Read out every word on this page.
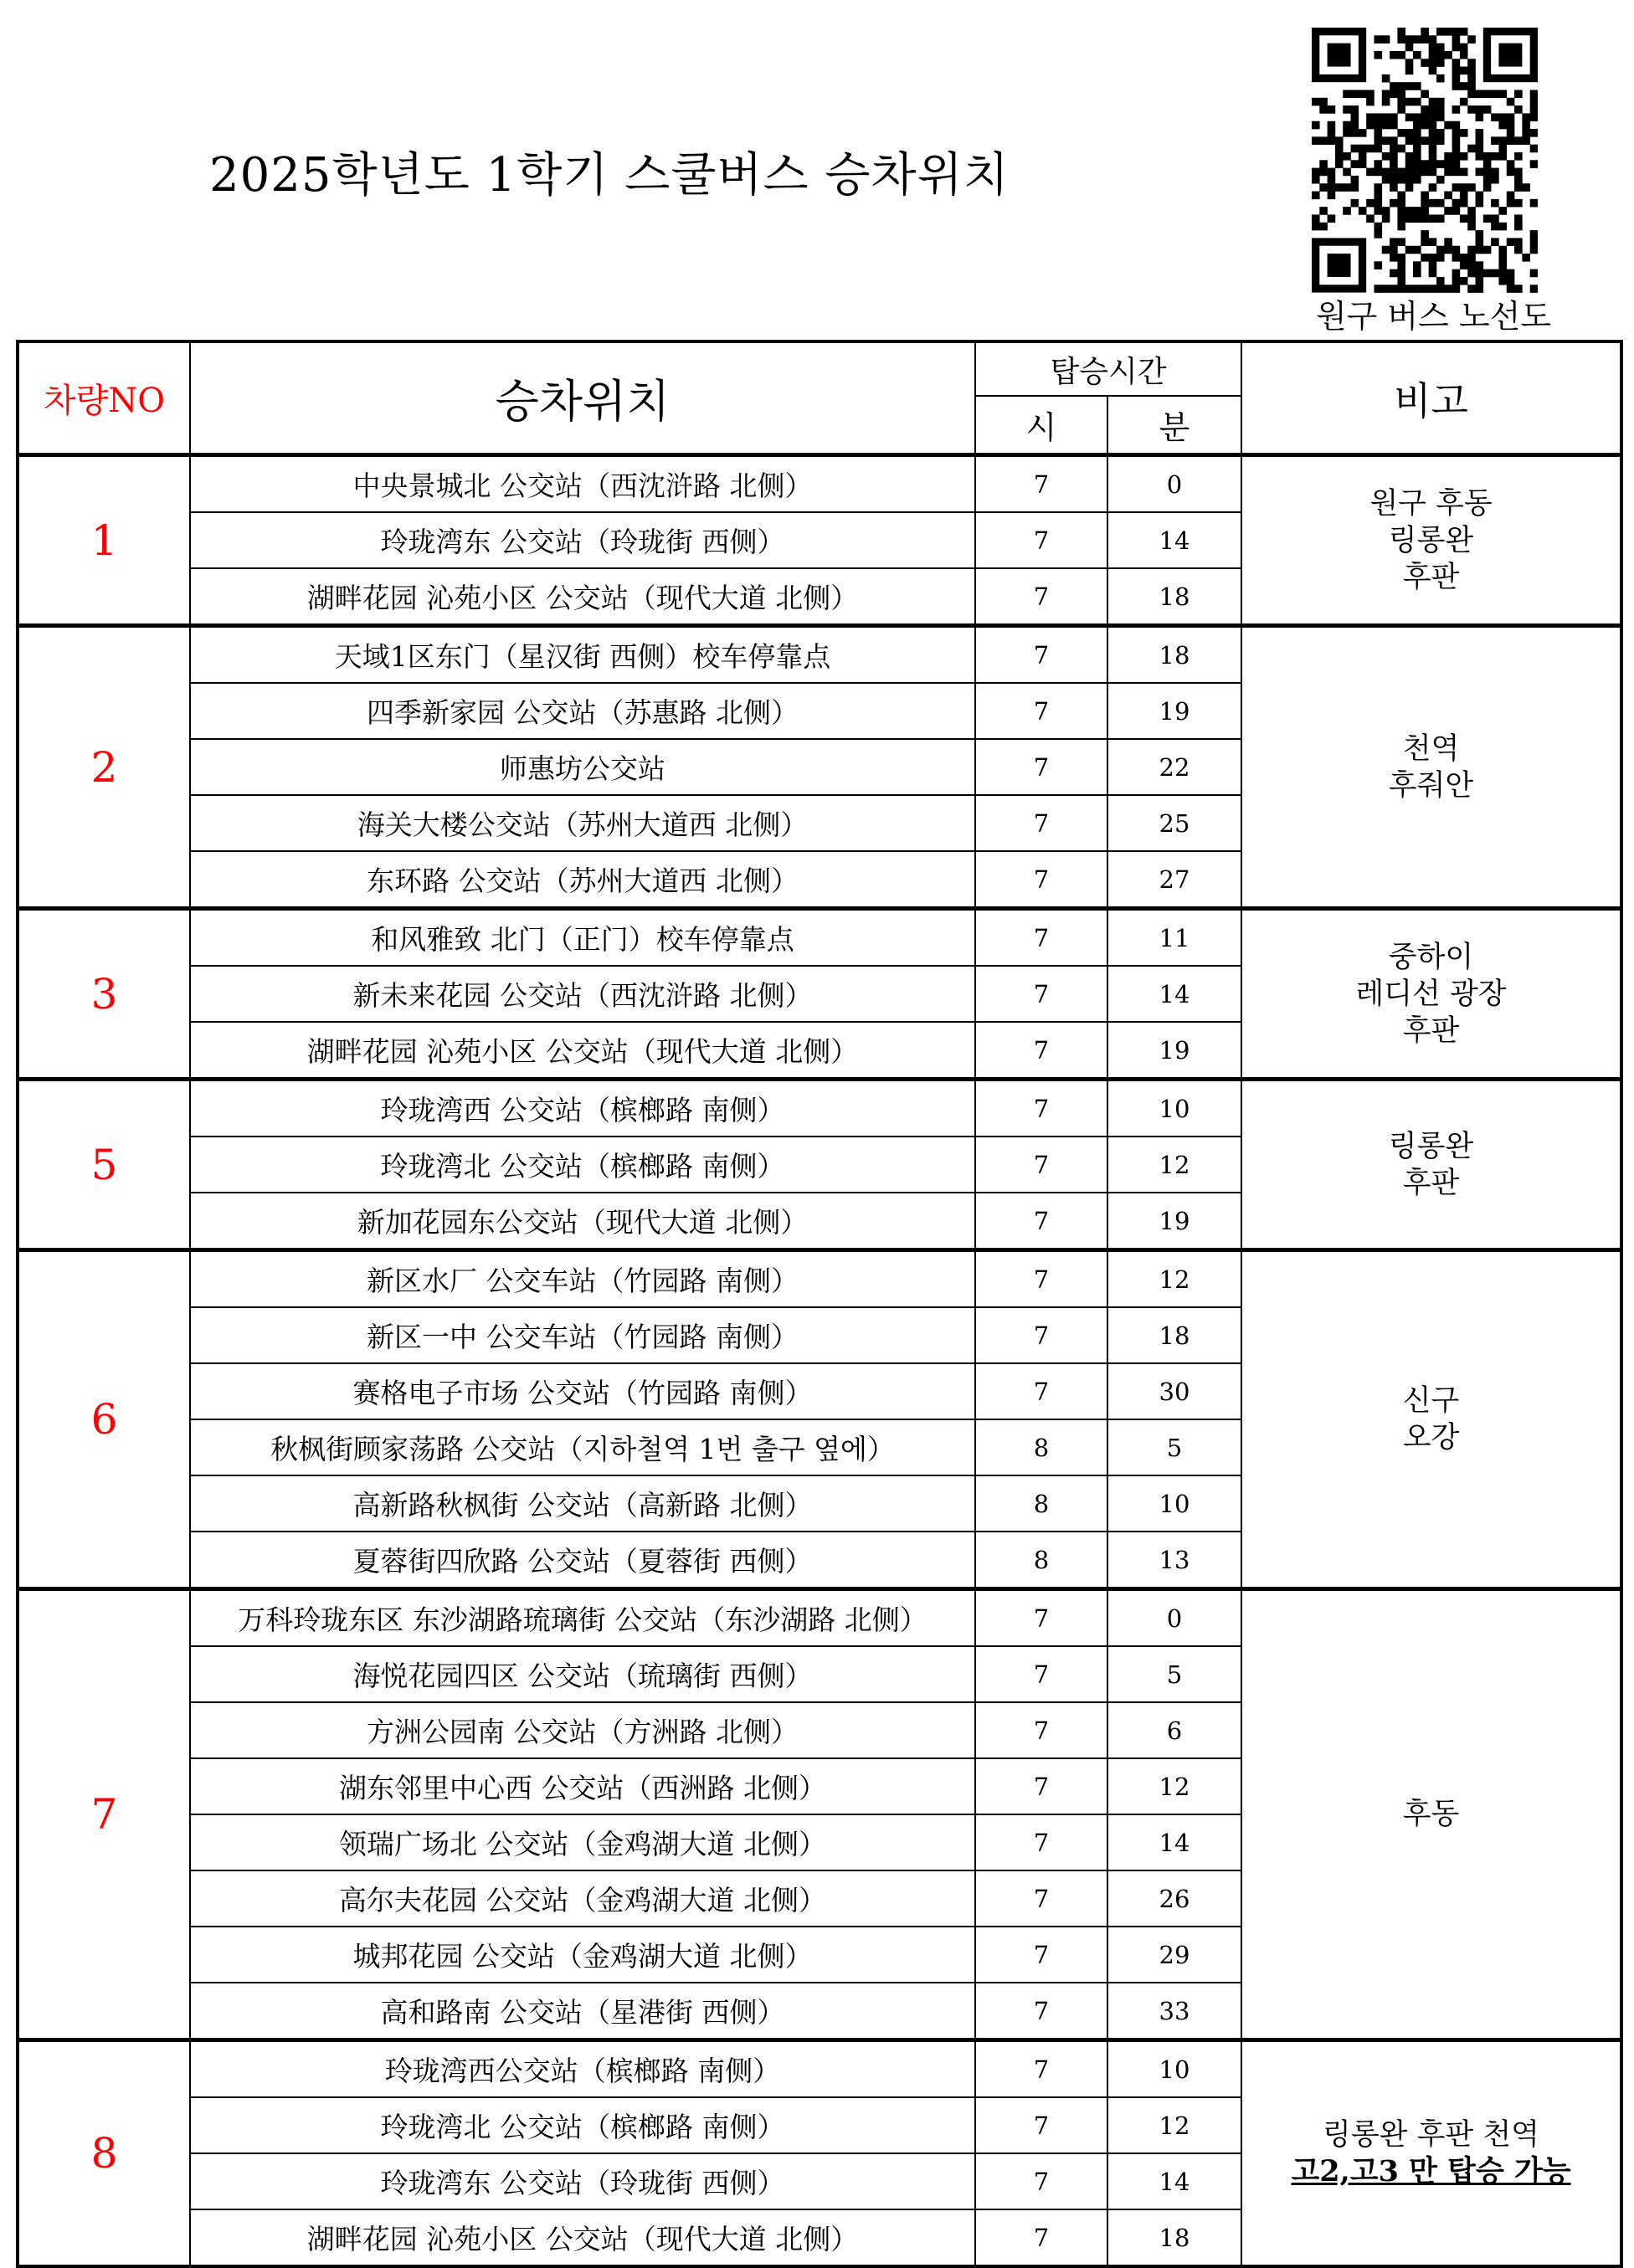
2025학년도 1학기 스쿨버스 승차위치
원구 버스 노선도
차량NO	승차위치	탑승시간		비고
		시	분	
1	中央景城北 公交站（西沈浒路 北侧）	7	0	원구 후동
링롱완
후판

	玲珑湾东 公交站（玲珑街 西侧）	7	14	
	湖畔花园 沁苑小区 公交站（现代大道 北侧）	7	18	
2	天域1区东门（星汉街 西侧）校车停靠点	7	18	천역
후줘안

	四季新家园 公交站（苏惠路 北侧）	7	19	
	师惠坊公交站	7	22	
	海关大楼公交站（苏州大道西 北侧）	7	25	
	东环路 公交站（苏州大道西 北侧）	7	27	
3	和风雅致 北门（正门）校车停靠点	7	11	중하이
레디선 광장
후판

	新未来花园 公交站（西沈浒路 北侧）	7	14	
	湖畔花园 沁苑小区 公交站（现代大道 北侧）	7	19	
5	玲珑湾西 公交站（槟榔路 南侧）	7	10	링롱완
후판

	玲珑湾北 公交站（槟榔路 南侧）	7	12	
	新加花园东公交站（现代大道 北侧）	7	19	
6	新区水厂 公交车站（竹园路 南侧）	7	12	신구
오강

	新区一中 公交车站（竹园路 南侧）	7	18	
	赛格电子市场 公交站（竹园路 南侧）	7	30	
	秋枫街顾家荡路 公交站（지하철역 1번 출구 옆에）	8	5	
	高新路秋枫街 公交站（高新路 北侧）	8	10	
	夏蓉街四欣路 公交站（夏蓉街 西侧）	8	13	
7	万科玲珑东区 东沙湖路琉璃街 公交站（东沙湖路 北侧）	7	0	후동

	海悦花园四区 公交站（琉璃街 西侧）	7	5	
	方洲公园南 公交站（方洲路 北侧）	7	6	
	湖东邻里中心西 公交站（西洲路 北侧）	7	12	
	领瑞广场北 公交站（金鸡湖大道 北侧）	7	14	
	高尔夫花园 公交站（金鸡湖大道 北侧）	7	26	
	城邦花园 公交站（金鸡湖大道 北侧）	7	29	
	高和路南 公交站（星港街 西侧）	7	33	
8	玲珑湾西公交站（槟榔路 南侧）	7	10	링롱완 후판 천역
고2,고3 만 탑승 가능

	玲珑湾北 公交站（槟榔路 南侧）	7	12	
	玲珑湾东 公交站（玲珑街 西侧）	7	14	
	湖畔花园 沁苑小区 公交站（现代大道 北侧）	7	18	
